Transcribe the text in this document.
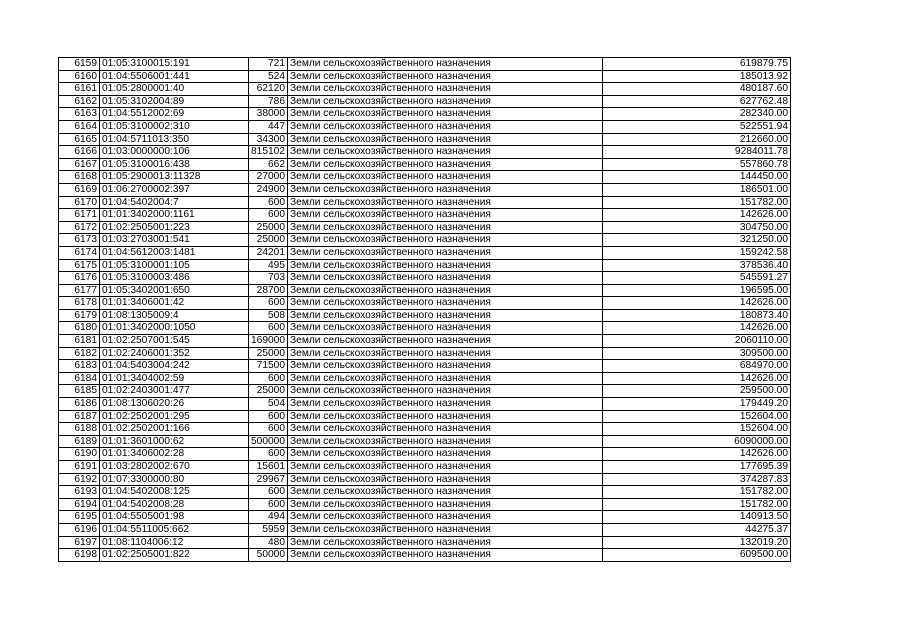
6159	01:05:3100015:191	721	Земли сельскохозяйственного назначения	619879.75
6160	01:04:5506001:441	524	Земли сельскохозяйственного назначения	185013.92
6161	01:05:2800001:40	62120	Земли сельскохозяйственного назначения	480187.60
6162	01:05:3102004:89	786	Земли сельскохозяйственного назначения	627762.48
6163	01:04:5512002:69	38000	Земли сельскохозяйственного назначения	282340.00
6164	01:05:3100002:310	447	Земли сельскохозяйственного назначения	522551.94
6165	01:04:5711013:350	34300	Земли сельскохозяйственного назначения	212660.00
6166	01:03:0000000:106	815102	Земли сельскохозяйственного назначения	9284011.78
6167	01:05:3100016:438	662	Земли сельскохозяйственного назначения	557860.78
6168	01:05:2900013:11328	27000	Земли сельскохозяйственного назначения	144450.00
6169	01:06:2700002:397	24900	Земли сельскохозяйственного назначения	186501.00
6170	01:04:5402004:7	600	Земли сельскохозяйственного назначения	151782.00
6171	01:01:3402000:1161	600	Земли сельскохозяйственного назначения	142626.00
6172	01:02:2505001:223	25000	Земли сельскохозяйственного назначения	304750.00
6173	01:03:2703001:541	25000	Земли сельскохозяйственного назначения	321250.00
6174	01:04:5612003:1481	24201	Земли сельскохозяйственного назначения	159242.58
6175	01:05:3100001:105	495	Земли сельскохозяйственного назначения	378536.40
6176	01:05:3100003:486	703	Земли сельскохозяйственного назначения	545591.27
6177	01:05:3402001:650	28700	Земли сельскохозяйственного назначения	196595.00
6178	01:01:3406001:42	600	Земли сельскохозяйственного назначения	142626.00
6179	01:08:1305009:4	508	Земли сельскохозяйственного назначения	180873.40
6180	01:01:3402000:1050	600	Земли сельскохозяйственного назначения	142626.00
6181	01:02:2507001:545	169000	Земли сельскохозяйственного назначения	2060110.00
6182	01:02:2406001:352	25000	Земли сельскохозяйственного назначения	309500.00
6183	01:04:5403004:242	71500	Земли сельскохозяйственного назначения	684970.00
6184	01:01:3404002:59	600	Земли сельскохозяйственного назначения	142626.00
6185	01:02:2403001:477	25000	Земли сельскохозяйственного назначения	259500.00
6186	01:08:1306020:26	504	Земли сельскохозяйственного назначения	179449.20
6187	01:02:2502001:295	600	Земли сельскохозяйственного назначения	152604.00
6188	01:02:2502001:166	600	Земли сельскохозяйственного назначения	152604.00
6189	01:01:3601000:62	500000	Земли сельскохозяйственного назначения	6090000.00
6190	01:01:3406002:28	600	Земли сельскохозяйственного назначения	142626.00
6191	01:03:2802002:670	15601	Земли сельскохозяйственного назначения	177695.39
6192	01:07:3300000:80	29967	Земли сельскохозяйственного назначения	374287.83
6193	01:04:5402008:125	600	Земли сельскохозяйственного назначения	151782.00
6194	01:04:5402008:28	600	Земли сельскохозяйственного назначения	151782.00
6195	01:04:5505001:98	494	Земли сельскохозяйственного назначения	140913.50
6196	01:04:5511005:662	5959	Земли сельскохозяйственного назначения	44275.37
6197	01:08:1104006:12	480	Земли сельскохозяйственного назначения	132019.20
6198	01:02:2505001:822	50000	Земли сельскохозяйственного назначения	609500.00
